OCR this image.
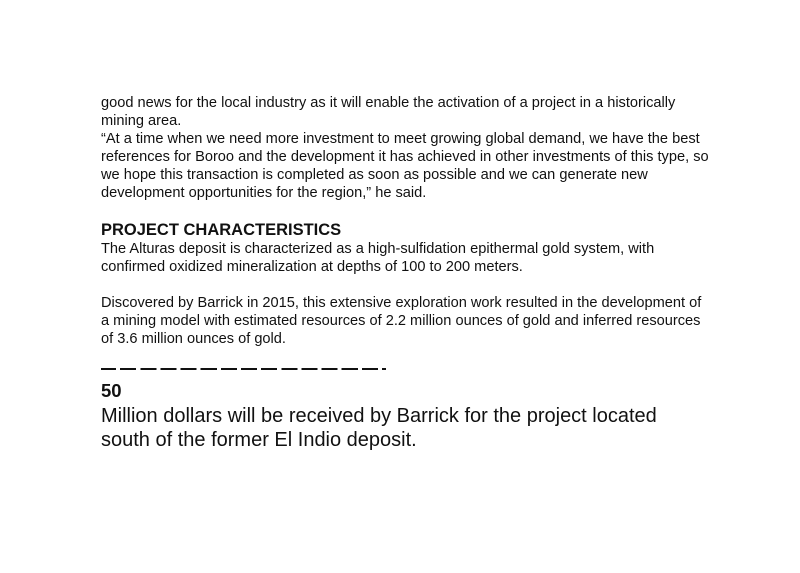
good news for the local industry as it will enable the activation of a project in a historically mining area.

“At a time when we need more investment to meet growing global demand, we have the best references for Boroo and the development it has achieved in other investments of this type, so we hope this transaction is completed as soon as possible and we can generate new development opportunities for the region,” he said.

PROJECT CHARACTERISTICS

The Alturas deposit is characterized as a high-sulfidation epithermal gold system, with confirmed oxidized mineralization at depths of 100 to 200 meters.

Discovered by Barrick in 2015, this extensive exploration work resulted in the development of a mining model with estimated resources of 2.2 million ounces of gold and inferred resources of 3.6 million ounces of gold.

50

Million dollars will be received by Barrick for the project located south of the former El Indio deposit.
